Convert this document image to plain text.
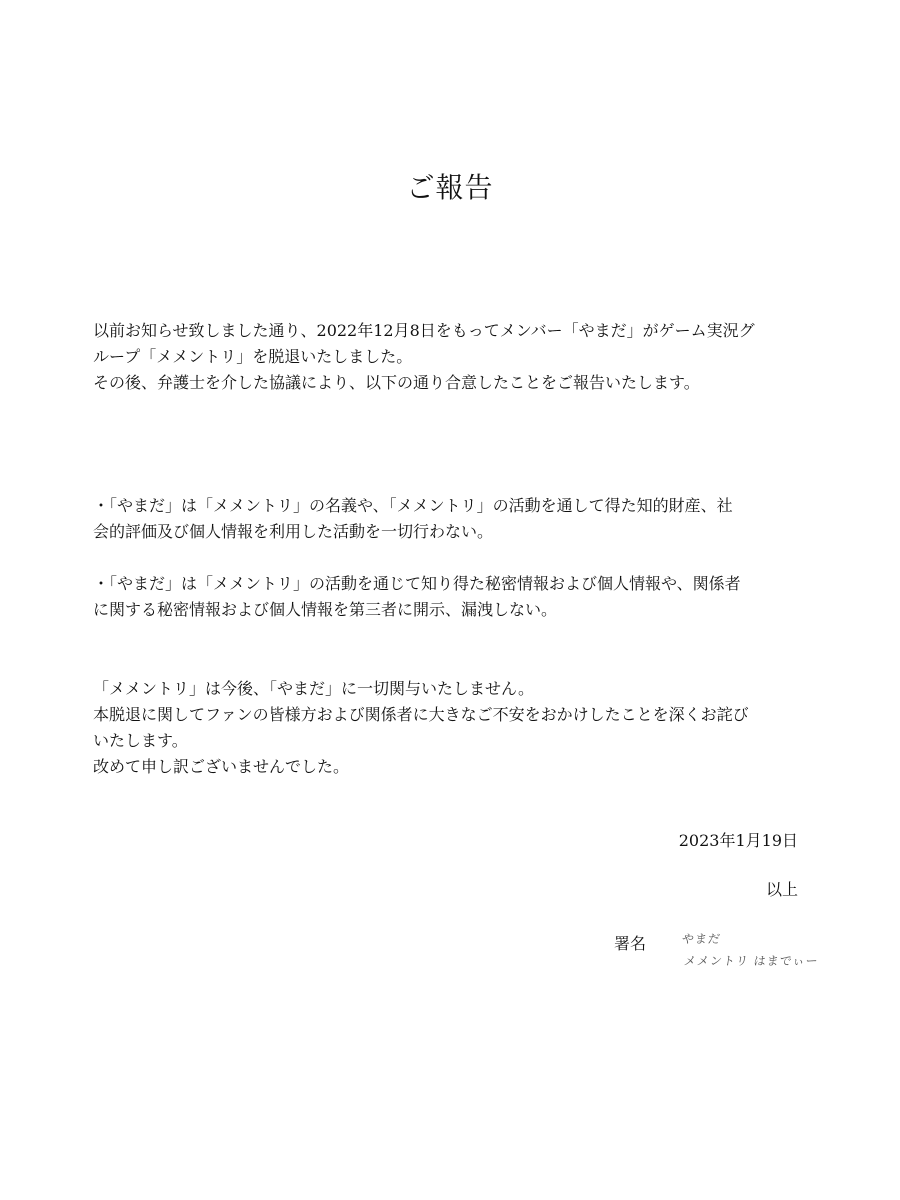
ご報告
以前お知らせ致しました通り、2022年12月8日をもってメンバー「やまだ」がゲーム実況グ
ループ「メメントリ」を脱退いたしました。
その後、弁護士を介した協議により、以下の通り合意したことをご報告いたします。
・「やまだ」は「メメントリ」の名義や、「メメントリ」の活動を通して得た知的財産、社
会的評価及び個人情報を利用した活動を一切行わない。
・「やまだ」は「メメントリ」の活動を通じて知り得た秘密情報および個人情報や、関係者
に関する秘密情報および個人情報を第三者に開示、漏洩しない。
「メメントリ」は今後、「やまだ」に一切関与いたしません。
本脱退に関してファンの皆様方および関係者に大きなご不安をおかけしたことを深くお詫び
いたします。
改めて申し訳ございませんでした。
2023年1月19日
以上
署名	やまだ
メメントリ はまでぃー
